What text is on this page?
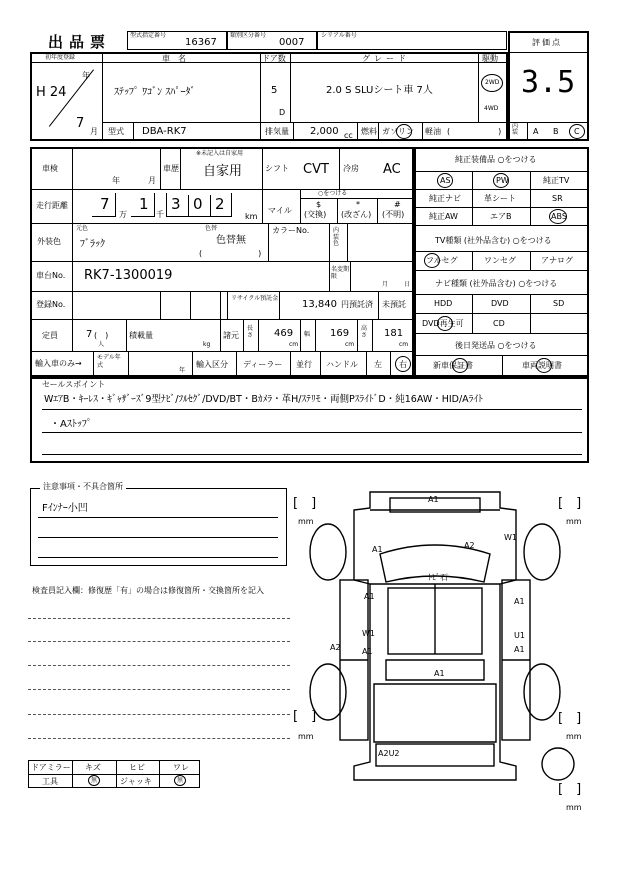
出品票	型式指定番号
16367
類別区分番号
0007
シリアル番号
評価点
3.5
初年度登録
H 24
年
7
月
車　名
ｽﾃｯﾌﾟ ﾜｺﾞﾝ ｽﾊﾟｰﾀﾞ
ドア数
5
D
グレード
2.0 S SLUシート車 7人
駆動
2WD
4WD
型式 DBA-RK7	排気量 2,000 cc 燃料 ガソリン 軽油 (　　　　　　)
内装 A B C
車検
年	月
車歴
※未記入は自家用
自家用	シフト CVT 冷房 AC
走行距離 7
万
1
千
3 0 2
km
○をつける
マイル
$
(交換)
*
(改ざん)
#
(不明)
外装色
元色
ﾌﾞﾗｯｸ
色替
色替無
(　　　　　　　)
カラーNo.	内装色
車台No. RK7-1300019	名変期限
月	日
登録No.
リサイクル預託金
13,840 円 預託済 未預託
定員	7 (　)
人
積載量
kg
諸元
長さ 469
cm
幅 169
cm
高さ 181
cm
輸入車のみ→
モデル年式
年
輸入区分 ディーラー 並行 ハンドル 左 右
純正装備品 ○をつける
AS	PW	純正TV
純正ナビ	革シート	SR
純正AW	エアB	ABS
TV種類 (社外品含む) ○をつける
フルセグ	ワンセグ	アナログ
ナビ種類 (社外品含む) ○をつける
HDD	DVD	SD
DVD再生可	CD
後日発送品 ○をつける
新車保証書	車両説明書
セールスポイント
WｴｱB・ｷｰﾚｽ・ｷﾞｬｻﾞｰｽﾞ9型ﾅﾋﾞ/ﾌﾙｾｸﾞ/DVD/BT・Bｶﾒﾗ・革H/ｽﾃﾘﾓ・両側PｽﾗｲﾄﾞD・純16AW・HID/Aﾗｲﾄ
・Aｽﾄｯﾌﾟ
注意事項・不具合箇所
Fｲﾝﾅｰ小凹
検査員記入欄：修復歴「有」の場合は修復箇所・交換箇所を記入
ドアミラー キズ	ヒビ	ワレ
工具	無	ジャッキ	無
A1
W1
A1	A2
ﾄﾋﾞ石
A1
A1
W1
A1
U1
A1
A2
A1
A2U2
[　]
mm
[　]
mm
[　]
mm
[　]
mm
[　]
mm
